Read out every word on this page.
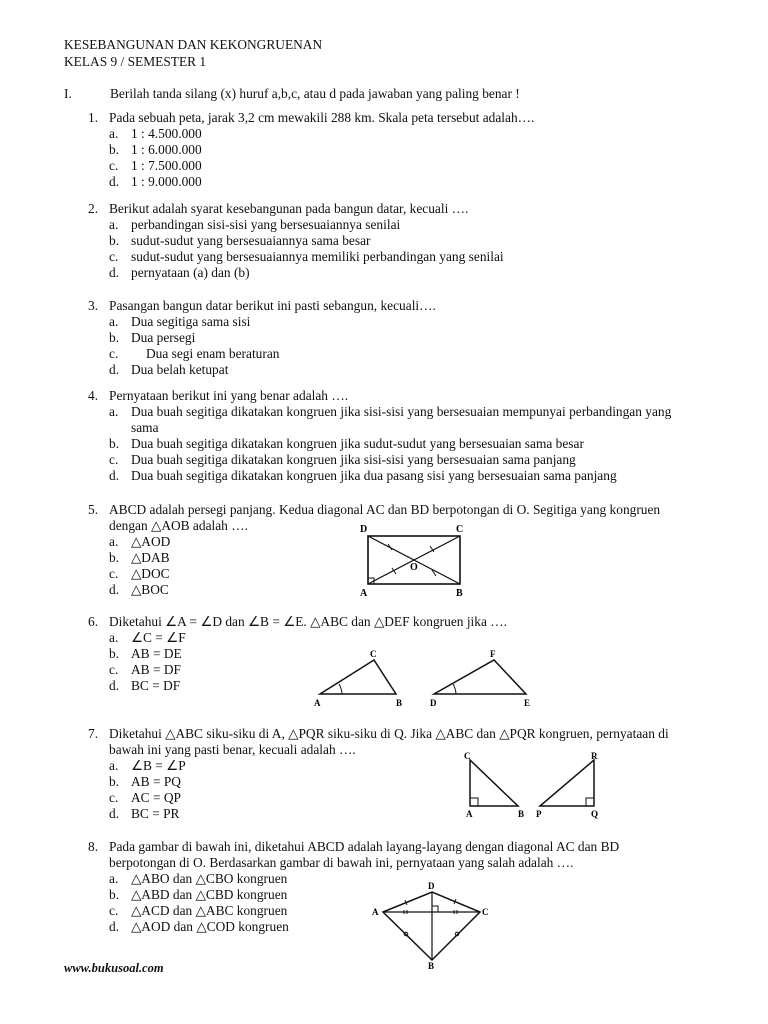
KESEBANGUNAN DAN KEKONGRUENAN
KELAS 9 / SEMESTER 1
I.	Berilah tanda silang (x) huruf a,b,c, atau d pada jawaban yang paling benar !
1. Pada sebuah peta, jarak 3,2 cm mewakili 288 km. Skala peta tersebut adalah….
a. 1 : 4.500.000
b. 1 : 6.000.000
c. 1 : 7.500.000
d. 1 : 9.000.000
2. Berikut adalah syarat kesebangunan pada bangun datar, kecuali ….
a. perbandingan sisi-sisi yang bersesuaiannya senilai
b. sudut-sudut yang bersesuaiannya sama besar
c. sudut-sudut yang bersesuaiannya memiliki perbandingan yang senilai
d. pernyataan (a) dan (b)
3. Pasangan bangun datar berikut ini pasti sebangun, kecuali….
a. Dua segitiga sama sisi
b. Dua persegi
c. Dua segi enam beraturan
d. Dua belah ketupat
4. Pernyataan berikut ini yang benar adalah ….
a. Dua buah segitiga dikatakan kongruen jika sisi-sisi yang bersesuaian mempunyai perbandingan yang sama
b. Dua buah segitiga dikatakan kongruen jika sudut-sudut yang bersesuaian sama besar
c. Dua buah segitiga dikatakan kongruen jika sisi-sisi yang bersesuaian sama panjang
d. Dua buah segitiga dikatakan kongruen jika dua pasang sisi yang bersesuaian sama panjang
5. ABCD adalah persegi panjang. Kedua diagonal AC dan BD berpotongan di O. Segitiga yang kongruen dengan △AOB adalah ….
a. △AOD
b. △DAB
c. △DOC
d. △BOC
D	C
A	B
O
6. Diketahui ∠A = ∠D dan ∠B = ∠E. △ABC dan △DEF kongruen jika ….
a. ∠C = ∠F
b. AB = DE
c. AB = DF
d. BC = DF
C
A	B
F
D	E
7. Diketahui △ABC siku-siku di A, △PQR siku-siku di Q. Jika △ABC dan △PQR kongruen, pernyataan di bawah ini yang pasti benar, kecuali adalah ….
a. ∠B = ∠P
b. AB = PQ
c. AC = QP
d. BC = PR
C
A	B
R
P	Q
8. Pada gambar di bawah ini, diketahui ABCD adalah layang-layang dengan diagonal AC dan BD berpotongan di O. Berdasarkan gambar di bawah ini, pernyataan yang salah adalah ….
a. △ABO dan △CBO kongruen
b. △ABD dan △CBD kongruen
c. △ACD dan △ABC kongruen
d. △AOD dan △COD kongruen
D
A	C
B
www.bukusoal.com
